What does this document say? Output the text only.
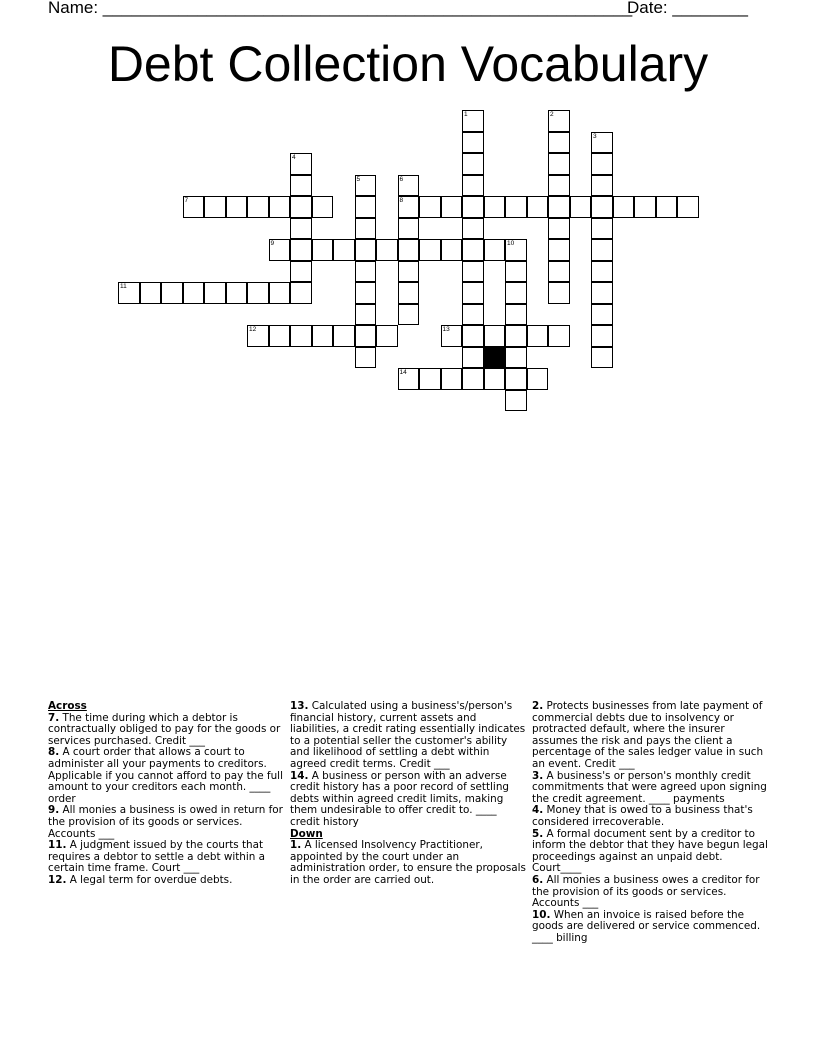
Name: ________________________________________________________
Date: ________
Debt Collection Vocabulary
1	2
3
4
5	6
8
7
9	10
11
12	13
14
Across
7. The time during which a debtor is contractually obliged to pay for the goods or services purchased. Credit ___
8. A court order that allows a court to administer all your payments to creditors. Applicable if you cannot afford to pay the full amount to your creditors each month. ____ order
9. All monies a business is owed in return for the provision of its goods or services. Accounts ___
11. A judgment issued by the courts that requires a debtor to settle a debt within a certain time frame. Court ___
12. A legal term for overdue debts.
13. Calculated using a business's/person's financial history, current assets and liabilities, a credit rating essentially indicates to a potential seller the customer's ability and likelihood of settling a debt within agreed credit terms. Credit ___
14. A business or person with an adverse credit history has a poor record of settling debts within agreed credit limits, making them undesirable to offer credit to. ____ credit history
Down
1. A licensed Insolvency Practitioner, appointed by the court under an administration order, to ensure the proposals in the order are carried out.
2. Protects businesses from late payment of commercial debts due to insolvency or protracted default, where the insurer assumes the risk and pays the client a percentage of the sales ledger value in such an event. Credit ___
3. A business's or person's monthly credit commitments that were agreed upon signing the credit agreement. ____ payments
4. Money that is owed to a business that's considered irrecoverable.
5. A formal document sent by a creditor to inform the debtor that they have begun legal proceedings against an unpaid debt. Court____
6. All monies a business owes a creditor for the provision of its goods or services. Accounts ___
10. When an invoice is raised before the goods are delivered or service commenced. ____ billing
